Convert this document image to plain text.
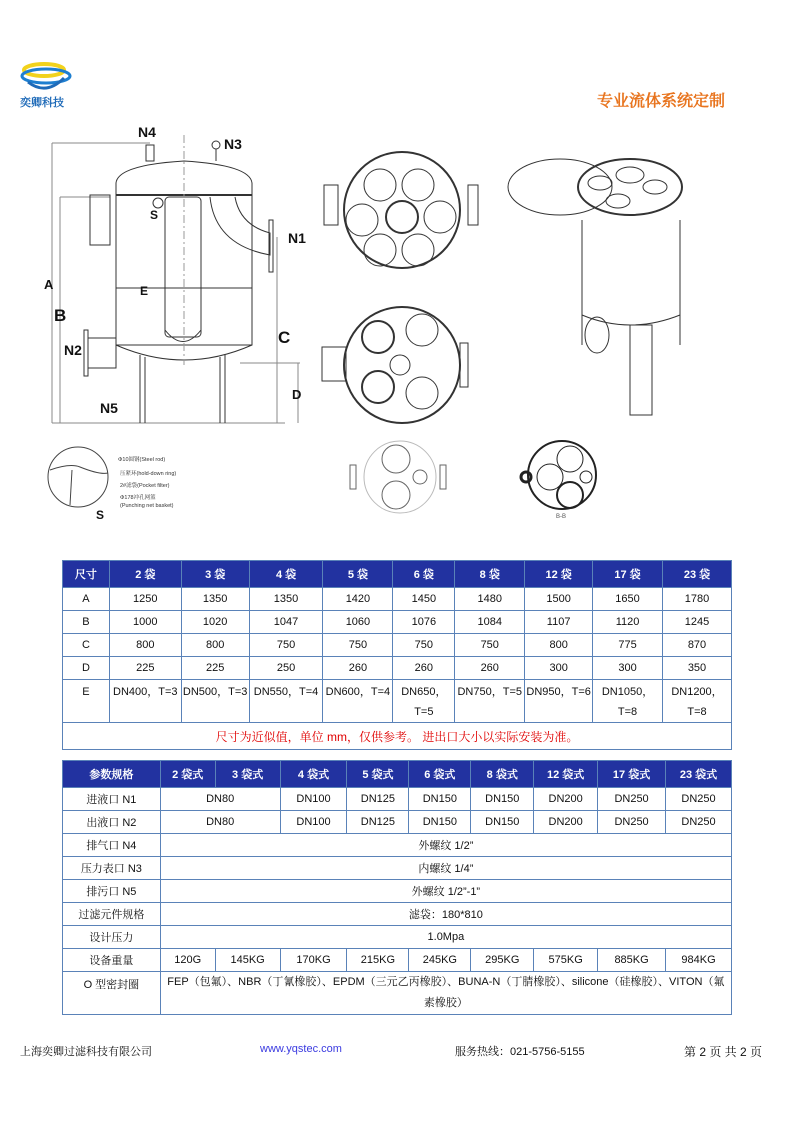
奕卿科技	专业流体系统定制
N4
N3
N1
N2
N5
S
A
B
C
D
E
Φ10圆钢(Steel rod)
压紧环(hold-down ring)
2#滤袋(Pocket filter)
Φ178冲孔网篮
(Punching net basket)
S	B-B
尺寸	2 袋	3 袋	4 袋	5 袋	6 袋	8 袋	12 袋	17 袋	23 袋
A	1250	1350	1350	1420	1450	1480	1500	1650	1780
B	1000	1020	1047	1060	1076	1084	1107	1120	1245
C	800	800	750	750	750	750	800	775	870
D	225	225	250	260	260	260	300	300	350
E	DN400，T=3	DN500，T=3	DN550，T=4	DN600，T=4	DN650，T=5	DN750，T=5	DN950，T=6	DN1050，T=8	DN1200，T=8
尺寸为近似值，单位 mm，仅供参考。 进出口大小以实际安装为准。									
参数规格	2 袋式	3 袋式	4 袋式	5 袋式	6 袋式	8 袋式	12 袋式	17 袋式	23 袋式
进液口 N1	DN80		DN100	DN125	DN150	DN150	DN200	DN250	DN250
出液口 N2	DN80		DN100	DN125	DN150	DN150	DN200	DN250	DN250
排气口 N4	外螺纹 1/2”								
压力表口 N3	内螺纹 1/4”								
排污口 N5	外螺纹 1/2”-1”								
过滤元件规格	滤袋：180*810								
设计压力	1.0Mpa								
设备重量	120G	145KG	170KG	215KG	245KG	295KG	575KG	885KG	984KG
O 型密封圈	FEP（包氟）、NBR（丁氰橡胶）、EPDM（三元乙丙橡胶）、BUNA-N（丁腈橡胶）、silicone（硅橡胶）、VITON（氟素橡胶）								
上海奕卿过滤科技有限公司	www.yqstec.com	服务热线：021-5756-5155	第 2 页 共 2 页
